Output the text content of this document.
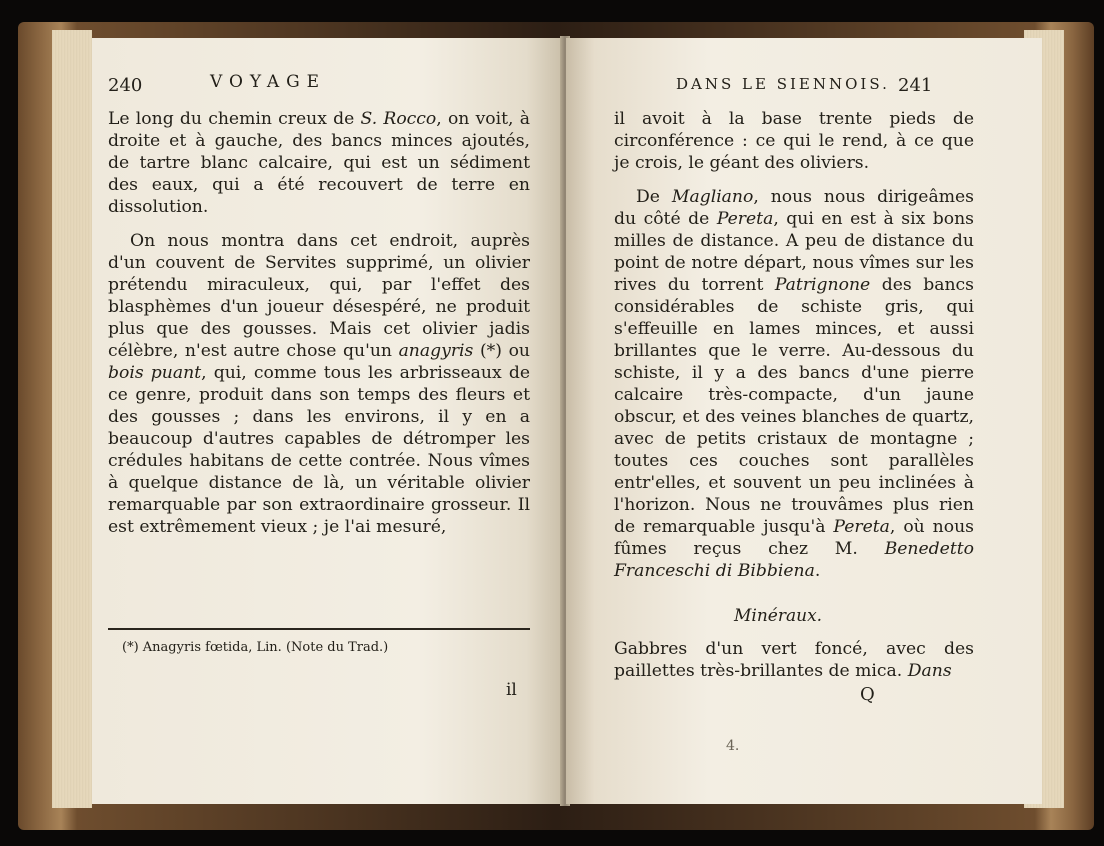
240	VOYAGE

Le long du chemin creux de S. Rocco, on voit, à droite et à gauche, des bancs minces ajoutés, de tartre blanc calcaire, qui est un sédiment des eaux, qui a été recouvert de terre en dissolution.

On nous montra dans cet endroit, auprès d'un couvent de Servites supprimé, un olivier prétendu miraculeux, qui, par l'effet des blasphèmes d'un joueur désespéré, ne produit plus que des gousses. Mais cet olivier jadis célèbre, n'est autre chose qu'un anagyris (*) ou bois puant, qui, comme tous les arbrisseaux de ce genre, produit dans son temps des fleurs et des gousses ; dans les environs, il y en a beaucoup d'autres capables de détromper les crédules habitans de cette contrée. Nous vîmes à quelque distance de là, un véritable olivier remarquable par son extraordinaire grosseur. Il est extrêmement vieux ; je l'ai mesuré,

(*) Anagyris fœtida, Lin. (Note du Trad.)
il
DANS LE SIENNOIS. 241

il avoit à la base trente pieds de circonférence : ce qui le rend, à ce que je crois, le géant des oliviers.

De Magliano, nous nous dirigeâmes du côté de Pereta, qui en est à six bons milles de distance. A peu de distance du point de notre départ, nous vîmes sur les rives du torrent Patrignone des bancs considérables de schiste gris, qui s'effeuille en lames minces, et aussi brillantes que le verre. Au-dessous du schiste, il y a des bancs d'une pierre calcaire très-compacte, d'un jaune obscur, et des veines blanches de quartz, avec de petits cristaux de montagne ; toutes ces couches sont parallèles entr'elles, et souvent un peu inclinées à l'horizon. Nous ne trouvâmes plus rien de remarquable jusqu'à Pereta, où nous fûmes reçus chez M. Benedetto Franceschi di Bibbiena.

Minéraux.
Gabbres d'un vert foncé, avec des paillettes très-brillantes de mica. Dans
Q
4.
